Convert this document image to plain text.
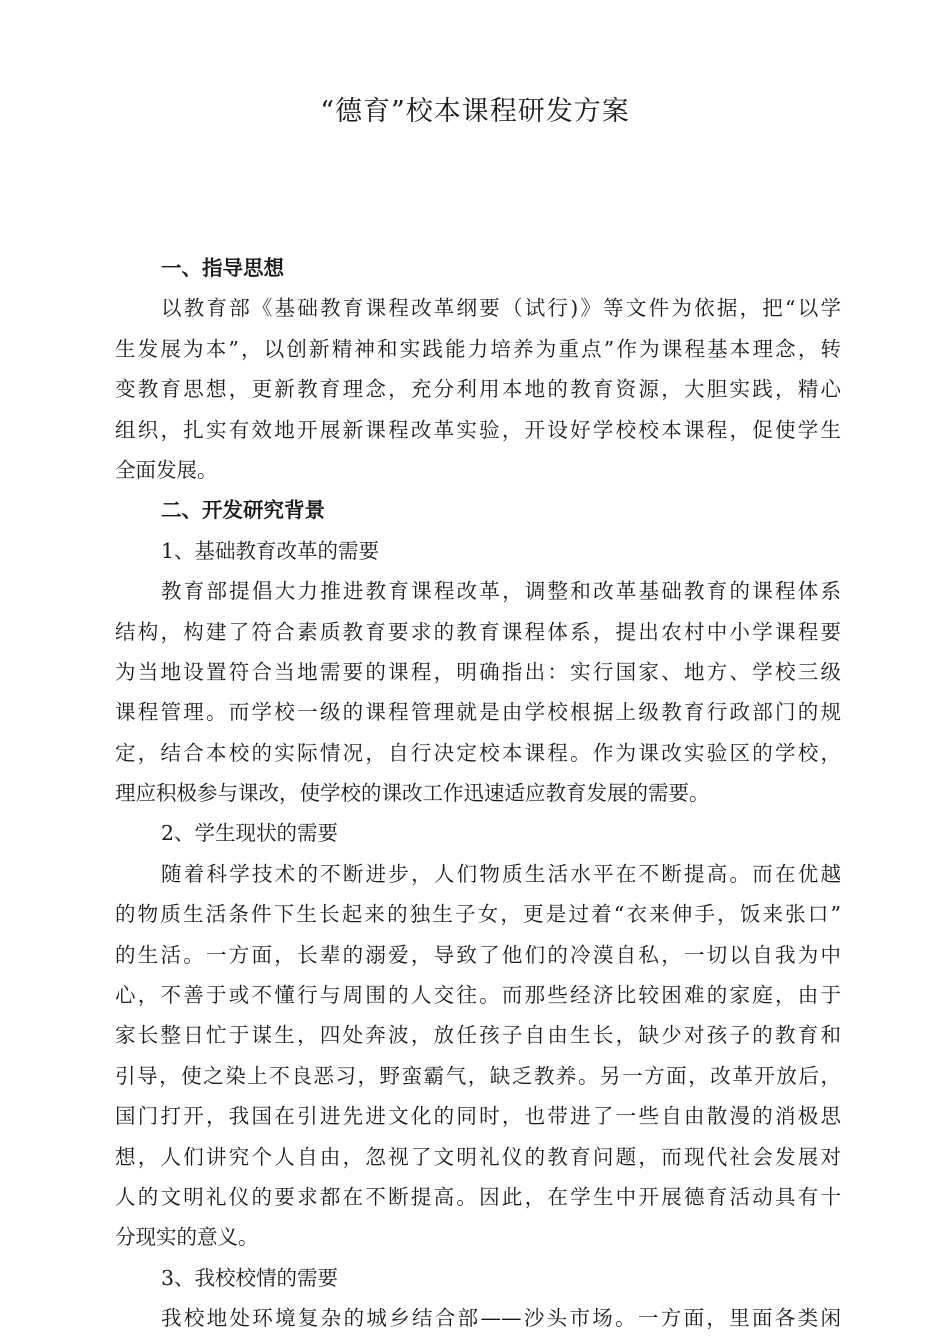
“德育”校本课程研发方案
一、指导思想
以教育部《基础教育课程改革纲要（试行)》等文件为依据，把“以学
生发展为本”，以创新精神和实践能力培养为重点”作为课程基本理念，转
变教育思想，更新教育理念，充分利用本地的教育资源，大胆实践，精心
组织，扎实有效地开展新课程改革实验，开设好学校校本课程，促使学生
全面发展。
二、开发研究背景
1、基础教育改革的需要
教育部提倡大力推进教育课程改革，调整和改革基础教育的课程体系
结构，构建了符合素质教育要求的教育课程体系，提出农村中小学课程要
为当地设置符合当地需要的课程，明确指出：实行国家、地方、学校三级
课程管理。而学校一级的课程管理就是由学校根据上级教育行政部门的规
定，结合本校的实际情况，自行决定校本课程。作为课改实验区的学校，
理应积极参与课改，使学校的课改工作迅速适应教育发展的需要。
2、学生现状的需要
随着科学技术的不断进步，人们物质生活水平在不断提高。而在优越
的物质生活条件下生长起来的独生子女，更是过着“衣来伸手，饭来张口”
的生活。一方面，长辈的溺爱，导致了他们的冷漠自私，一切以自我为中
心，不善于或不懂行与周围的人交往。而那些经济比较困难的家庭，由于
家长整日忙于谋生，四处奔波，放任孩子自由生长，缺少对孩子的教育和
引导，使之染上不良恶习，野蛮霸气，缺乏教养。另一方面，改革开放后，
国门打开，我国在引进先进文化的同时，也带进了一些自由散漫的消极思
想，人们讲究个人自由，忽视了文明礼仪的教育问题，而现代社会发展对
人的文明礼仪的要求都在不断提高。因此，在学生中开展德育活动具有十
分现实的意义。
3、我校校情的需要
我校地处环境复杂的城乡结合部——沙头市场。一方面，里面各类闲
